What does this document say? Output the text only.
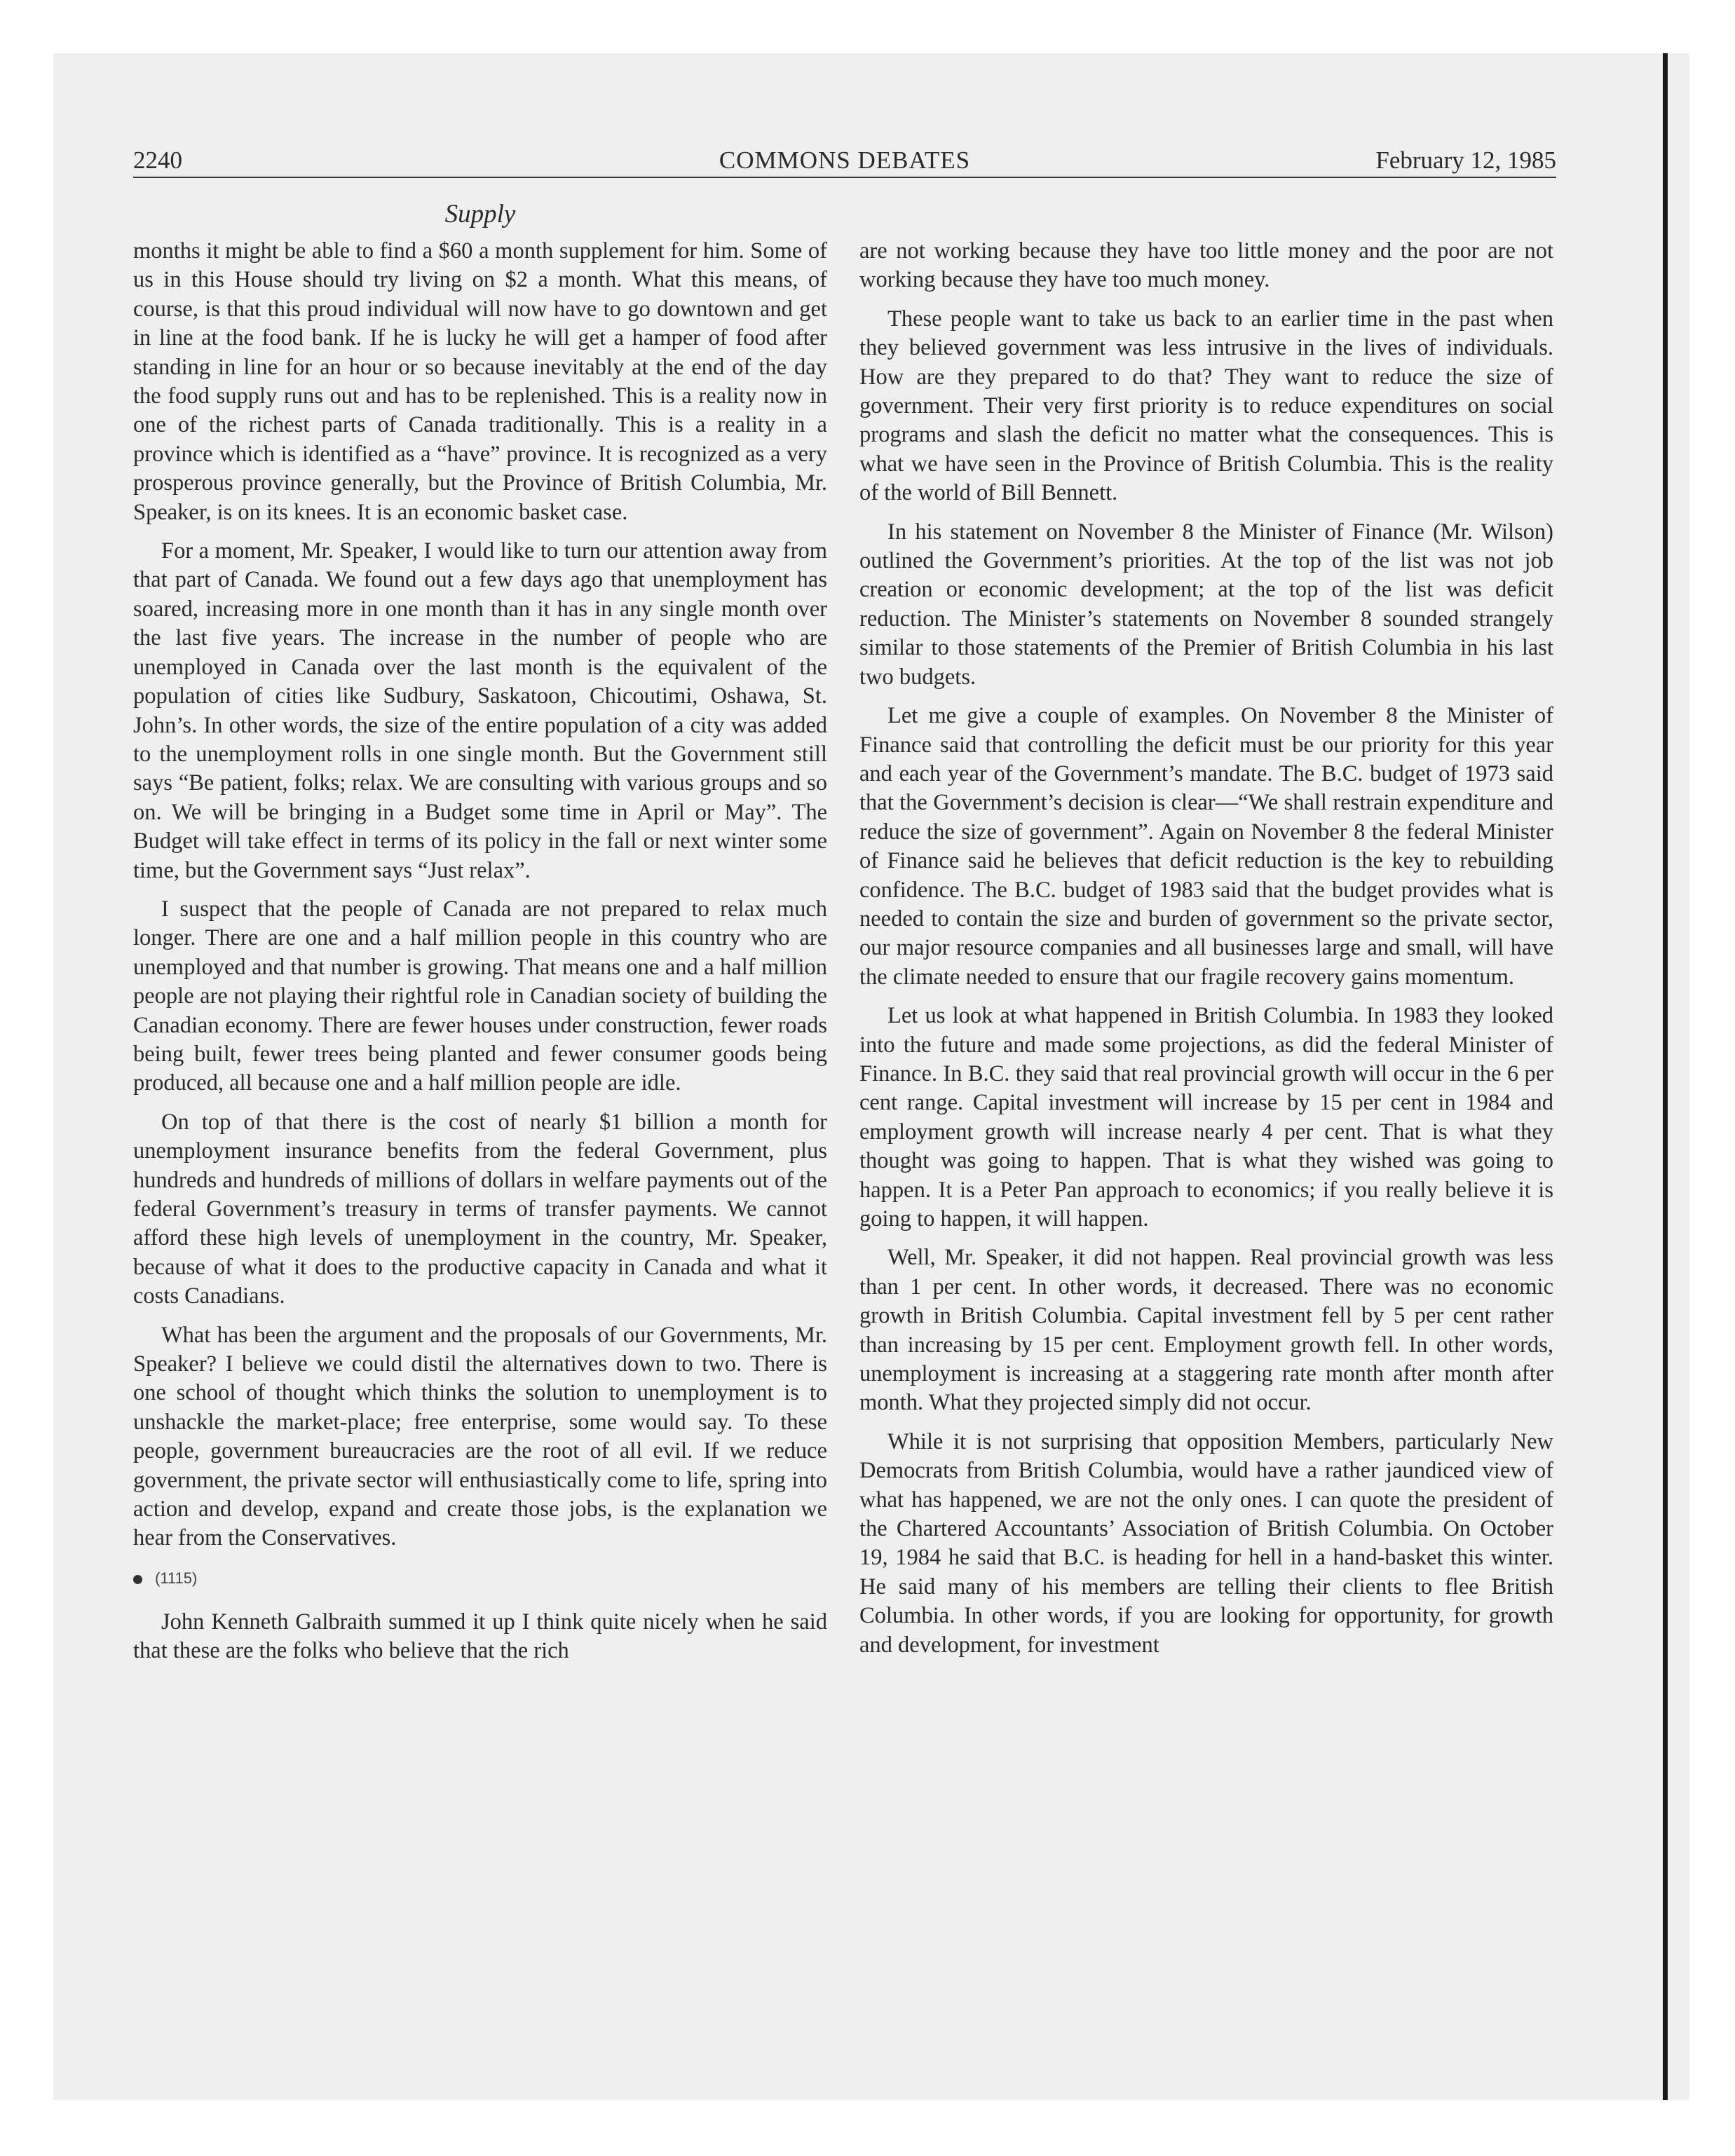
2240	COMMONS DEBATES	February 12, 1985
Supply

months it might be able to find a $60 a month supplement for him. Some of us in this House should try living on $2 a month. What this means, of course, is that this proud individual will now have to go downtown and get in line at the food bank. If he is lucky he will get a hamper of food after standing in line for an hour or so because inevitably at the end of the day the food supply runs out and has to be replenished. This is a reality now in one of the richest parts of Canada traditionally. This is a reality in a province which is identified as a “have” province. It is recognized as a very prosperous province generally, but the Province of British Columbia, Mr. Speaker, is on its knees. It is an economic basket case.

For a moment, Mr. Speaker, I would like to turn our attention away from that part of Canada. We found out a few days ago that unemployment has soared, increasing more in one month than it has in any single month over the last five years. The increase in the number of people who are unemployed in Canada over the last month is the equivalent of the population of cities like Sudbury, Saskatoon, Chicoutimi, Oshawa, St. John’s. In other words, the size of the entire population of a city was added to the unemployment rolls in one single month. But the Government still says “Be patient, folks; relax. We are consulting with various groups and so on. We will be bringing in a Budget some time in April or May”. The Budget will take effect in terms of its policy in the fall or next winter some time, but the Government says “Just relax”.

I suspect that the people of Canada are not prepared to relax much longer. There are one and a half million people in this country who are unemployed and that number is growing. That means one and a half million people are not playing their rightful role in Canadian society of building the Canadian economy. There are fewer houses under construction, fewer roads being built, fewer trees being planted and fewer consumer goods being produced, all because one and a half million people are idle.

On top of that there is the cost of nearly $1 billion a month for unemployment insurance benefits from the federal Government, plus hundreds and hundreds of millions of dollars in welfare payments out of the federal Government’s treasury in terms of transfer payments. We cannot afford these high levels of unemployment in the country, Mr. Speaker, because of what it does to the productive capacity in Canada and what it costs Canadians.

What has been the argument and the proposals of our Governments, Mr. Speaker? I believe we could distil the alternatives down to two. There is one school of thought which thinks the solution to unemployment is to unshackle the market-place; free enterprise, some would say. To these people, government bureaucracies are the root of all evil. If we reduce government, the private sector will enthusiastically come to life, spring into action and develop, expand and create those jobs, is the explanation we hear from the Conservatives.

(1115)

John Kenneth Galbraith summed it up I think quite nicely when he said that these are the folks who believe that the rich

are not working because they have too little money and the poor are not working because they have too much money.

These people want to take us back to an earlier time in the past when they believed government was less intrusive in the lives of individuals. How are they prepared to do that? They want to reduce the size of government. Their very first priority is to reduce expenditures on social programs and slash the deficit no matter what the consequences. This is what we have seen in the Province of British Columbia. This is the reality of the world of Bill Bennett.

In his statement on November 8 the Minister of Finance (Mr. Wilson) outlined the Government’s priorities. At the top of the list was not job creation or economic development; at the top of the list was deficit reduction. The Minister’s statements on November 8 sounded strangely similar to those statements of the Premier of British Columbia in his last two budgets.

Let me give a couple of examples. On November 8 the Minister of Finance said that controlling the deficit must be our priority for this year and each year of the Government’s mandate. The B.C. budget of 1973 said that the Government’s decision is clear—“We shall restrain expenditure and reduce the size of government”. Again on November 8 the federal Minister of Finance said he believes that deficit reduction is the key to rebuilding confidence. The B.C. budget of 1983 said that the budget provides what is needed to contain the size and burden of government so the private sector, our major resource companies and all businesses large and small, will have the climate needed to ensure that our fragile recovery gains momentum.

Let us look at what happened in British Columbia. In 1983 they looked into the future and made some projections, as did the federal Minister of Finance. In B.C. they said that real provincial growth will occur in the 6 per cent range. Capital investment will increase by 15 per cent in 1984 and employment growth will increase nearly 4 per cent. That is what they thought was going to happen. That is what they wished was going to happen. It is a Peter Pan approach to economics; if you really believe it is going to happen, it will happen.

Well, Mr. Speaker, it did not happen. Real provincial growth was less than 1 per cent. In other words, it decreased. There was no economic growth in British Columbia. Capital investment fell by 5 per cent rather than increasing by 15 per cent. Employment growth fell. In other words, unemployment is increasing at a staggering rate month after month after month. What they projected simply did not occur.

While it is not surprising that opposition Members, particularly New Democrats from British Columbia, would have a rather jaundiced view of what has happened, we are not the only ones. I can quote the president of the Chartered Accountants’ Association of British Columbia. On October 19, 1984 he said that B.C. is heading for hell in a hand-basket this winter. He said many of his members are telling their clients to flee British Columbia. In other words, if you are looking for opportunity, for growth and development, for investment
